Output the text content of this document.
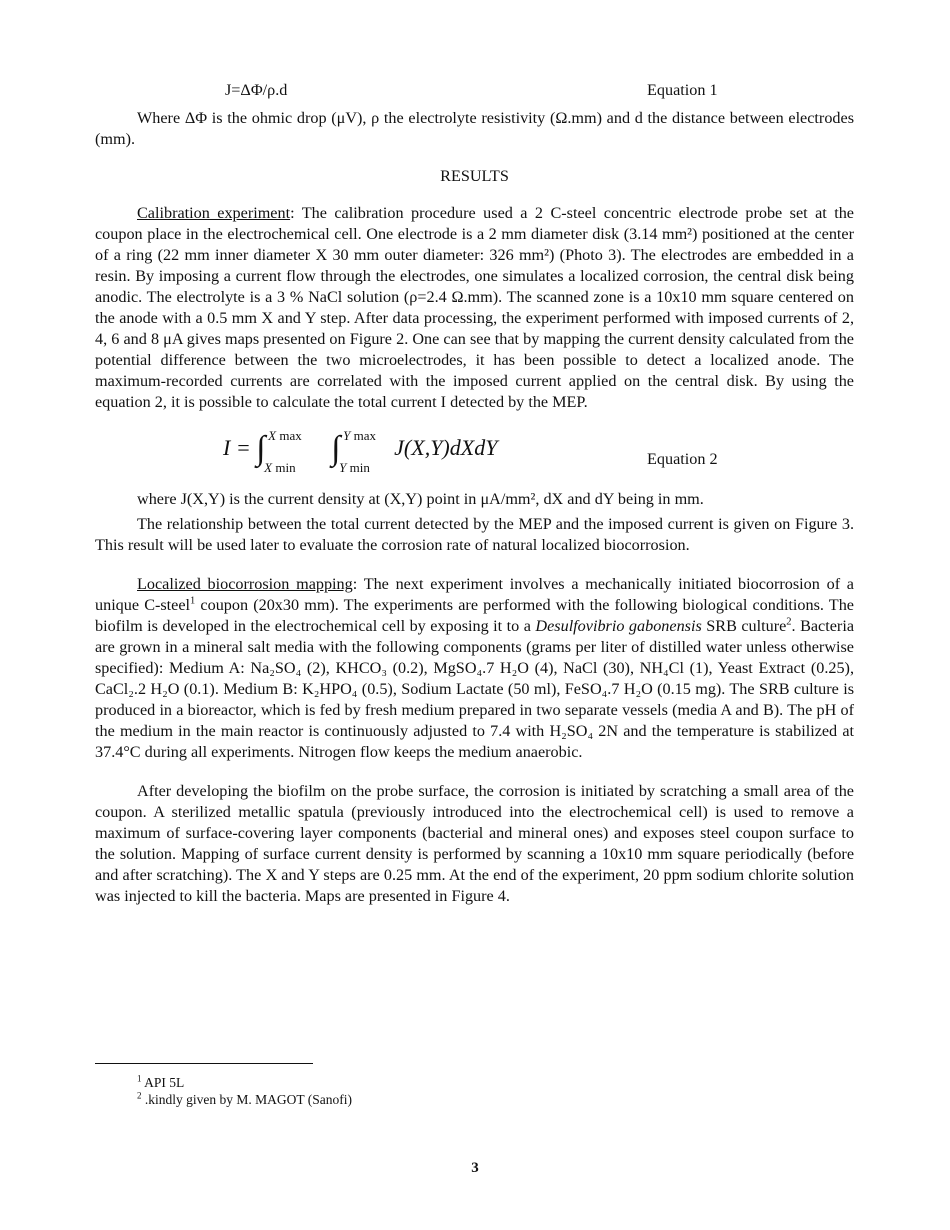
J=ΔΦ/ρ.d	Equation 1

Where ΔΦ is the ohmic drop (μV), ρ the electrolyte resistivity (Ω.mm) and d the distance between electrodes (mm).

RESULTS

Calibration experiment: The calibration procedure used a 2 C-steel concentric electrode probe set at the coupon place in the electrochemical cell. One electrode is a 2 mm diameter disk (3.14 mm²) positioned at the center of a ring (22 mm inner diameter X 30 mm outer diameter: 326 mm²) (Photo 3). The electrodes are embedded in a resin. By imposing a current flow through the electrodes, one simulates a localized corrosion, the central disk being anodic. The electrolyte is a 3 % NaCl solution (ρ=2.4 Ω.mm). The scanned zone is a 10x10 mm square centered on the anode with a 0.5 mm X and Y step. After data processing, the experiment performed with imposed currents of 2, 4, 6 and 8 μA gives maps presented on Figure 2. One can see that by mapping the current density calculated from the potential difference between the two microelectrodes, it has been possible to detect a localized anode. The maximum-recorded currents are correlated with the imposed current applied on the central disk. By using the equation 2, it is possible to calculate the total current I detected by the MEP.

I = ∫ X max
X min

∫ Y max
Y min
J(X,Y)dXdY	Equation 2

where J(X,Y) is the current density at (X,Y) point in μA/mm², dX and dY being in mm.

The relationship between the total current detected by the MEP and the imposed current is given on Figure 3. This result will be used later to evaluate the corrosion rate of natural localized biocorrosion.

Localized biocorrosion mapping: The next experiment involves a mechanically initiated biocorrosion of a unique C-steel$^1$ coupon (20x30 mm). The experiments are performed with the following biological conditions. The biofilm is developed in the electrochemical cell by exposing it to a Desulfovibrio gabonensis SRB culture$^2$. Bacteria are grown in a mineral salt media with the following components (grams per liter of distilled water unless otherwise specified): Medium A: Na₂SO₄ (2), KHCO₃ (0.2), MgSO₄.7 H₂O (4), NaCl (30), NH₄Cl (1), Yeast Extract (0.25), CaCl₂.2 H₂O (0.1). Medium B: K₂HPO₄ (0.5), Sodium Lactate (50 ml), FeSO₄.7 H₂O (0.15 mg). The SRB culture is produced in a bioreactor, which is fed by fresh medium prepared in two separate vessels (media A and B). The pH of the medium in the main reactor is continuously adjusted to 7.4 with H₂SO₄ 2N and the temperature is stabilized at 37.4°C during all experiments. Nitrogen flow keeps the medium anaerobic.

After developing the biofilm on the probe surface, the corrosion is initiated by scratching a small area of the coupon. A sterilized metallic spatula (previously introduced into the electrochemical cell) is used to remove a maximum of surface-covering layer components (bacterial and mineral ones) and exposes steel coupon surface to the solution. Mapping of surface current density is performed by scanning a 10x10 mm square periodically (before and after scratching). The X and Y steps are 0.25 mm. At the end of the experiment, 20 ppm sodium chlorite solution was injected to kill the bacteria. Maps are presented in Figure 4.

$^1$ API 5L
$^2$ .kindly given by M. MAGOT (Sanofi)
3
